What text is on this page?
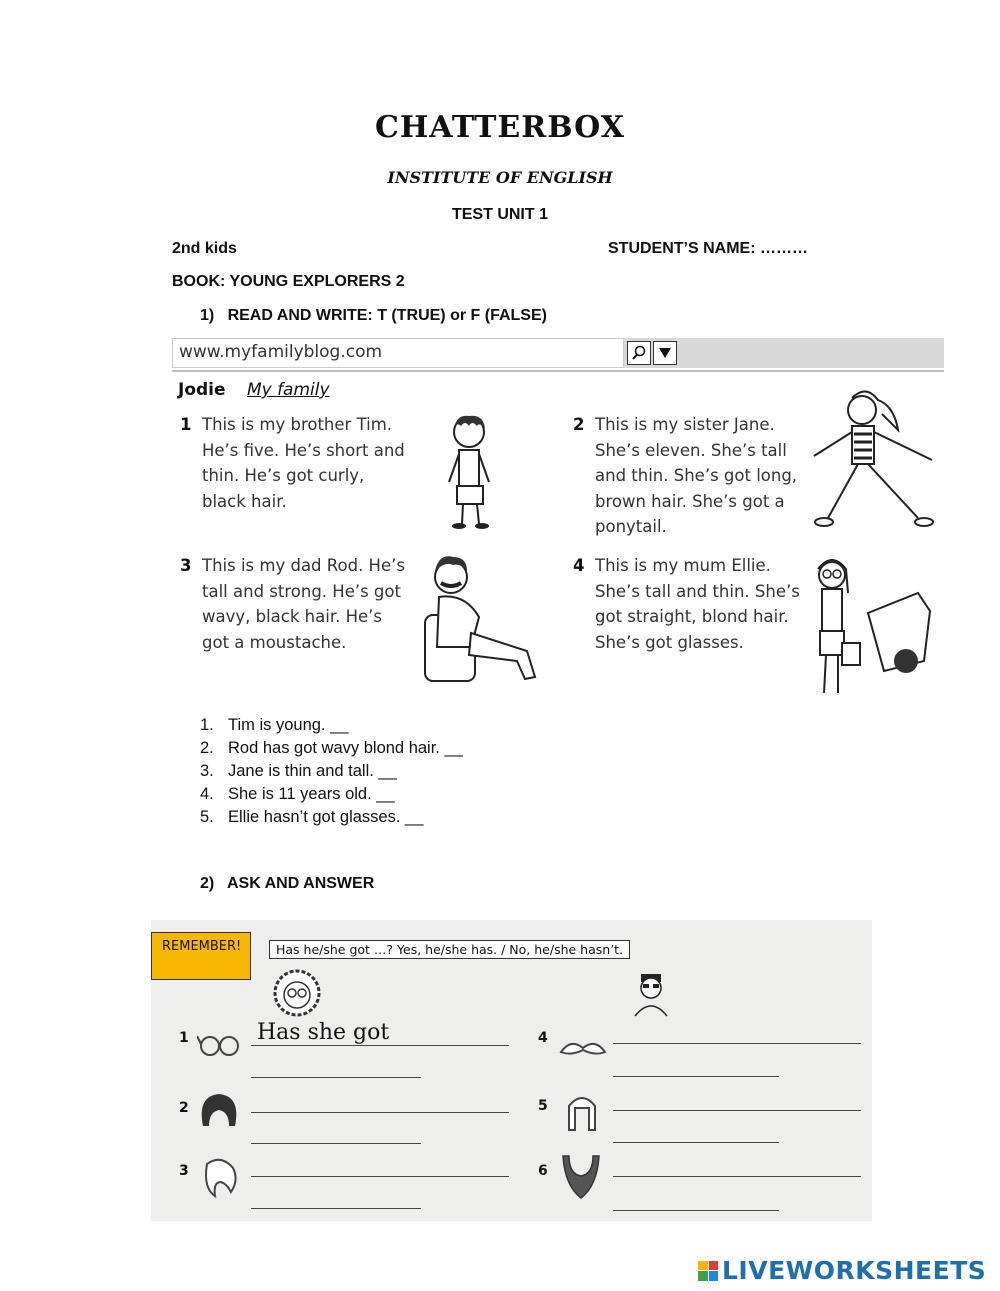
CHATTERBOX
INSTITUTE OF ENGLISH
TEST UNIT 1
2nd kids	STUDENT’S NAME: ………
BOOK: YOUNG EXPLORERS 2
1) READ AND WRITE: T (TRUE) or F (FALSE)
www.myfamilyblog.com
Jodie My family
1 This is my brother Tim.
He’s five. He’s short and
thin. He’s got curly,
black hair.
2 This is my sister Jane.
She’s eleven. She’s tall
and thin. She’s got long,
brown hair. She’s got a
ponytail.
3 This is my dad Rod. He’s
tall and strong. He’s got
wavy, black hair. He’s
got a moustache.
4 This is my mum Ellie.
She’s tall and thin. She’s
got straight, blond hair.
She’s got glasses.
1. Tim is young. __
2. Rod has got wavy blond hair. __
3. Jane is thin and tall. __
4. She is 11 years old. __
5. Ellie hasn’t got glasses. __
2) ASK AND ANSWER
REMEMBER!	Has he/she got …? Yes, he/she has. / No, he/she hasn’t.
1	Has she got
2
3
4
5
6
LIVEWORKSHEETS
